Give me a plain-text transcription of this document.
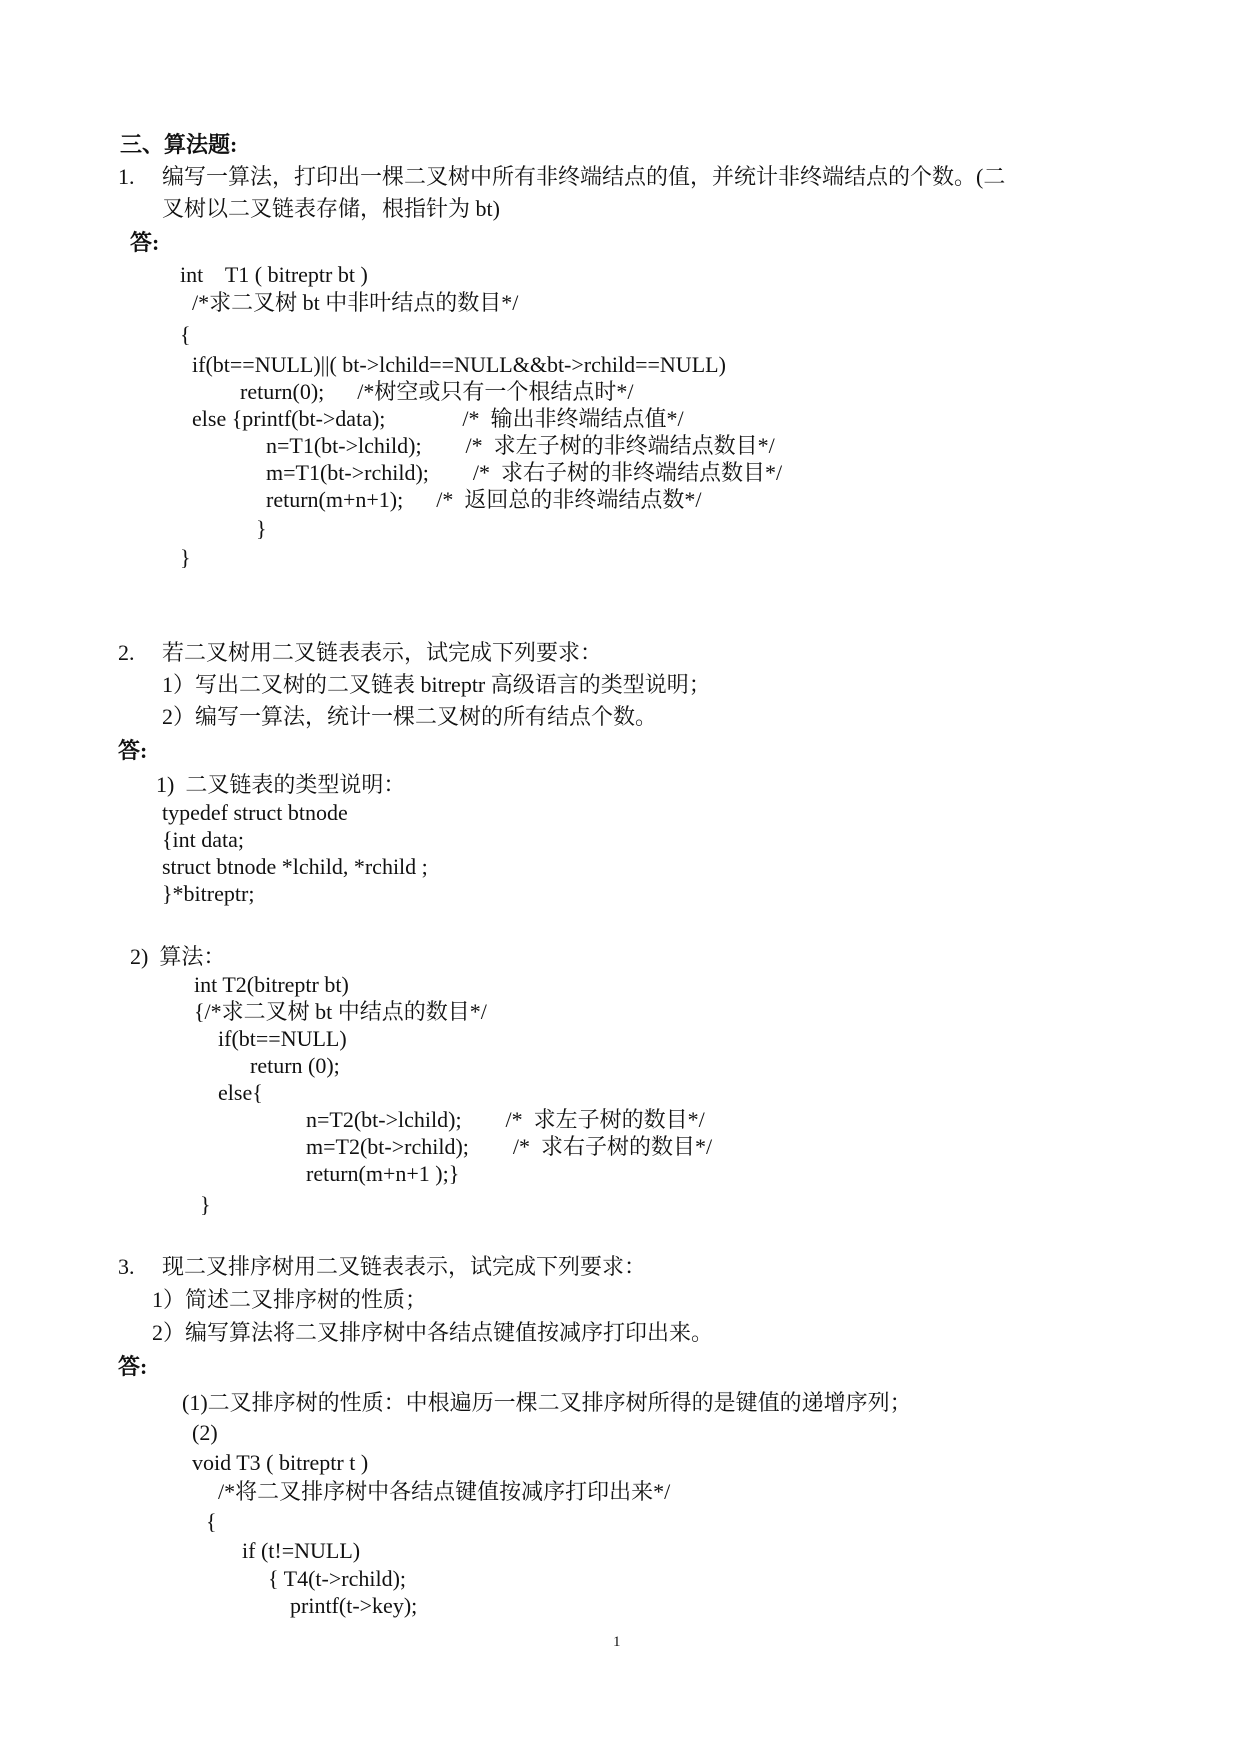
三、算法题:
1. 编写一算法，打印出一棵二叉树中所有非终端结点的值，并统计非终端结点的个数。(二
叉树以二叉链表存储，根指针为 bt)
答:
int    T1 ( bitreptr bt )
/*求二叉树 bt 中非叶结点的数目*/
{
if(bt==NULL)||( bt->lchild==NULL&&bt->rchild==NULL)
return(0);      /*树空或只有一个根结点时*/
else {printf(bt->data);              /*  输出非终端结点值*/
n=T1(bt->lchild);        /*  求左子树的非终端结点数目*/
m=T1(bt->rchild);        /*  求右子树的非终端结点数目*/
return(m+n+1);      /*  返回总的非终端结点数*/
}
}
2. 若二叉树用二叉链表表示，试完成下列要求：
1）写出二叉树的二叉链表 bitreptr 高级语言的类型说明；
2）编写一算法，统计一棵二叉树的所有结点个数。
答:
1)  二叉链表的类型说明：
typedef struct btnode
{int data;
struct btnode *lchild, *rchild ;
}*bitreptr;
2)  算法：
int T2(bitreptr bt)
{/*求二叉树 bt 中结点的数目*/
if(bt==NULL)
return (0);
else{
n=T2(bt->lchild);        /*  求左子树的数目*/
m=T2(bt->rchild);        /*  求右子树的数目*/
return(m+n+1 );}
}
3. 现二叉排序树用二叉链表表示，试完成下列要求：
1）简述二叉排序树的性质；
2）编写算法将二叉排序树中各结点键值按减序打印出来。
答:
(1)二叉排序树的性质：中根遍历一棵二叉排序树所得的是键值的递增序列；
(2)
void T3 ( bitreptr t )
/*将二叉排序树中各结点键值按减序打印出来*/
{
if (t!=NULL)
{ T4(t->rchild);
printf(t->key);
1
